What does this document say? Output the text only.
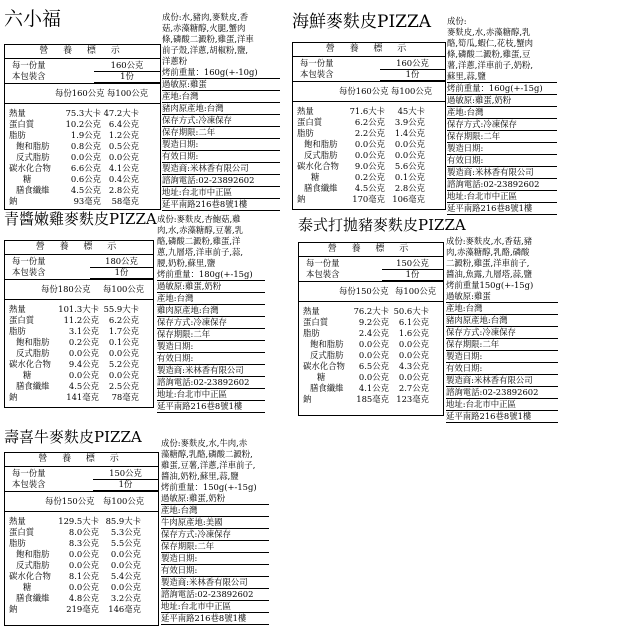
六小福
營 養 標 示
每一份量	160公克
本包裝含	1份
每份160公克 每100公克
熱量	75.3大卡 47.2大卡
蛋白質	10.2公克 6.4公克
脂肪	1.9公克 1.2公克
飽和脂肪	0.8公克 0.5公克
反式脂肪	0.0公克 0.0公克
碳水化合物 6.6公克 4.1公克
糖	0.6公克 0.4公克
膳食纖維	4.5公克 2.8公克
鈉	93毫克 58毫克
成份:水,豬肉,麥麩皮,香
菇,赤藻糖醇,火腿,蟹肉
條,磷酸二澱粉,雞蛋,洋車
前子殼,洋蔥,胡椒粉,鹽,
洋蔥粉
烤前重量：160g(+-10g)
過敏原:雞蛋
產地:台灣
豬肉原產地:台灣
保存方式:冷凍保存
保存期限:二年
製造日期:
有效日期:
製造商:米林香有限公司
諮詢電話:02-23892602
地址:台北市中正區
延平南路216巷8號1樓
海鮮麥麩皮PIZZA
營 養 標 示
每一份量	160公克
本包裝含	1份
每份160公克 每100公克
熱量	71.6大卡 45大卡
蛋白質	6.2公克 3.9公克
脂肪	2.2公克 1.4公克
飽和脂肪 0.0公克 0.0公克
反式脂肪 0.0公克 0.0公克
碳水化合物 9.0公克 5.6公克
糖	0.2公克 0.1公克
膳食纖維 4.5公克 2.8公克
鈉	170毫克 106毫克
成份:
麥麩皮,水,赤藻糖醇,乳
酪,筍瓜,蝦仁,花枝,蟹肉
條,磷酸二澱粉,雞蛋,豆
薯,洋蔥,洋車前子,奶粉,
蘇里,蒜,鹽
烤前重量：160g(+-15g)
過敏原:雞蛋,奶粉
產地:台灣
保存方式:冷凍保存
保存期限:二年
製造日期:
有效日期:
製造商:米林香有限公司
諮詢電話:02-23892602
地址:台北市中正區
延平南路216巷8號1樓
青醬嫩雞麥麩皮PIZZA
營 養 標 示
每一份量	180公克
本包裝含	1份
每份180公克 每100公克
熱量	101.3大卡 55.9大卡
蛋白質	11.2公克 6.2公克
脂肪	3.1公克 1.7公克
飽和脂肪 0.2公克 0.1公克
反式脂肪 0.0公克 0.0公克
碳水化合物 9.4公克 5.2公克
糖	0.0公克 0.0公克
膳食纖維 4.5公克 2.5公克
鈉	141毫克 78毫克
成份:麥麩皮,杏鮑菇,雞
肉,水,赤藻糖醇,豆薯,乳
酪,磷酸二澱粉,雞蛋,洋
蔥,九層塔,洋車前子,蒜,
腰,奶粉,蘇里,鹽
烤前重量：180g(+-15g)
過敏原:雞蛋,奶粉
產地:台灣
雞肉原產地:台灣
保存方式:冷凍保存
保存期限:二年
製造日期:
有效日期:
製造商:米林香有限公司
諮詢電話:02-23892602
地址:台北市中正區
延平南路216巷8號1樓
泰式打拋豬麥麩皮PIZZA
營 養 標 示
每一份量	150公克
本包裝含	1份
每份150公克 每100公克
熱量	76.2大卡 50.6大卡
蛋白質	9.2公克 6.1公克
脂肪	2.4公克 1.6公克
飽和脂肪 0.0公克 0.0公克
反式脂肪 0.0公克 0.0公克
碳水化合物 6.5公克 4.3公克
糖	0.0公克 0.0公克
膳食纖維 4.1公克 2.7公克
鈉	185毫克 123毫克
成份:麥麩皮,水,香菇,豬
肉,赤藻糖醇,乳酪,磷酸
二澱粉,雞蛋,洋車前子,
醬油,魚露,九層塔,蒜,鹽
烤前重量150g(+-15g)
過敏原:雞蛋
產地:台灣
豬肉原產地:台灣
保存方式:冷凍保存
保存期限:二年
製造日期:
有效日期:
製造商:米林香有限公司
諮詢電話:02-23892602
地址:台北市中正區
延平南路216巷8號1樓
壽喜牛麥麩皮PIZZA
營 養 標 示
每一份量	150公克
本包裝含	1份
每份150公克 每100公克
熱量	129.5大卡 85.9大卡
蛋白質	8.0公克 5.3公克
脂肪	8.3公克 5.5公克
飽和脂肪 0.0公克 0.0公克
反式脂肪 0.0公克 0.0公克
碳水化合物 8.1公克 5.4公克
糖	0.0公克 0.0公克
膳食纖維 4.8公克 3.2公克
鈉	219毫克 146毫克
成份:麥麩皮,水,牛肉,赤
藻糖醇,乳酪,磷酸二澱粉,
雞蛋,豆薯,洋蔥,洋車前子,
醬油,奶粉,蘇里,蒜,鹽
烤前重量：150g(+-15g)
過敏原:雞蛋,奶粉
產地:台灣
牛肉原產地:美國
保存方式:冷凍保存
保存期限:二年
製造日期:
有效日期:
製造商:米林香有限公司
諮詢電話:02-23892602
地址:台北市中正區
延平南路216巷8號1樓
